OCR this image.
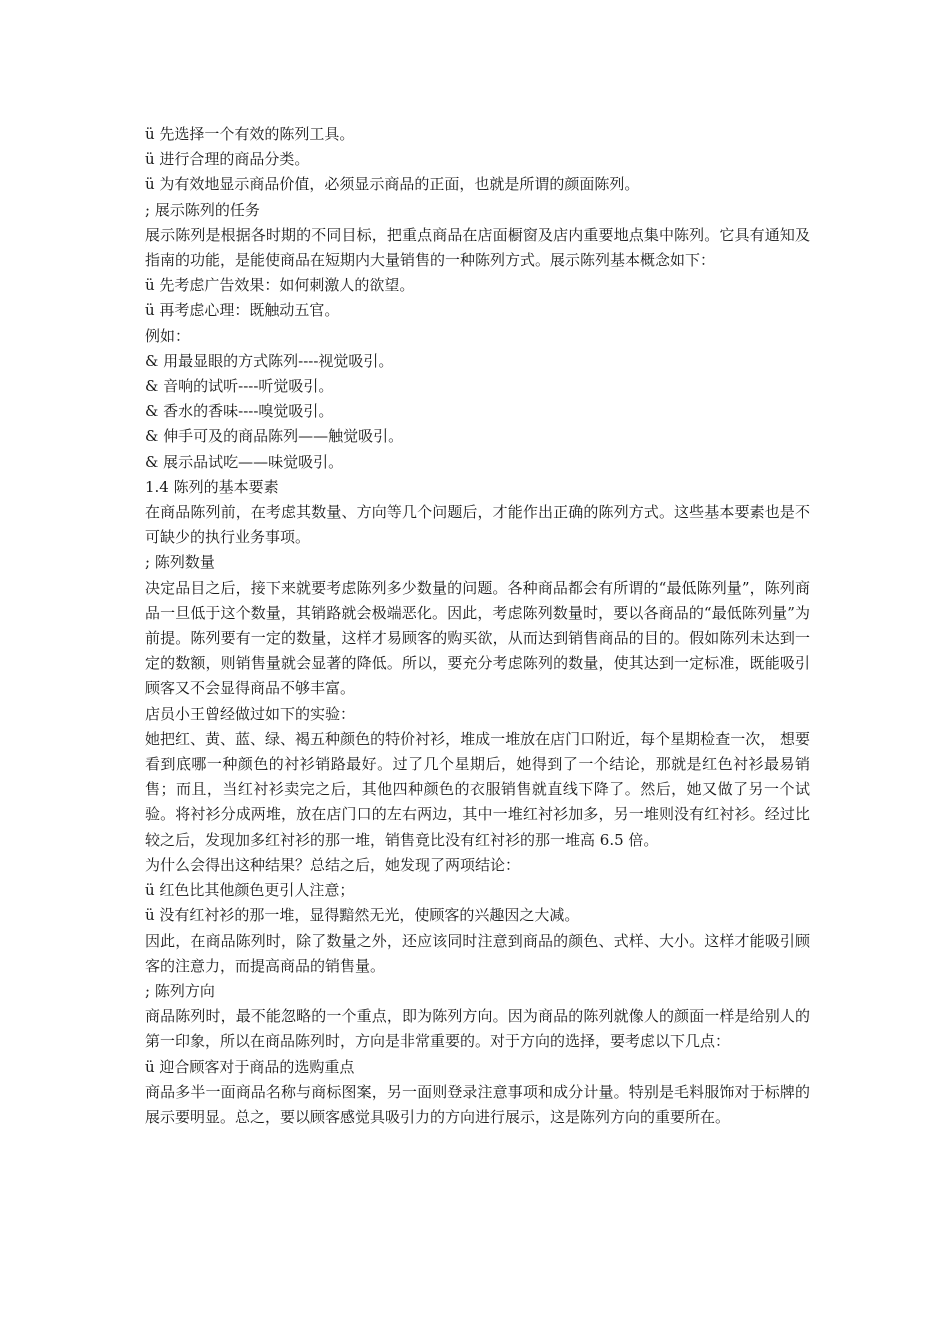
ü 先选择一个有效的陈列工具。

ü 进行合理的商品分类。

ü 为有效地显示商品价值，必须显示商品的正面，也就是所谓的颜面陈列。

; 展示陈列的任务

展示陈列是根据各时期的不同目标，把重点商品在店面橱窗及店内重要地点集中陈列。它具有通知及指南的功能，是能使商品在短期内大量销售的一种陈列方式。展示陈列基本概念如下：

ü 先考虑广告效果：如何刺激人的欲望。

ü 再考虑心理：既触动五官。

例如：

& 用最显眼的方式陈列----视觉吸引。

& 音响的试听----听觉吸引。

& 香水的香味----嗅觉吸引。

& 伸手可及的商品陈列——触觉吸引。

& 展示品试吃——味觉吸引。

1.4 陈列的基本要素

在商品陈列前，在考虑其数量、方向等几个问题后，才能作出正确的陈列方式。这些基本要素也是不可缺少的执行业务事项。

; 陈列数量

决定品目之后，接下来就要考虑陈列多少数量的问题。各种商品都会有所谓的“最低陈列量”，陈列商品一旦低于这个数量，其销路就会极端恶化。因此，考虑陈列数量时，要以各商品的“最低陈列量”为前提。陈列要有一定的数量，这样才易顾客的购买欲，从而达到销售商品的目的。假如陈列未达到一定的数额，则销售量就会显著的降低。所以，要充分考虑陈列的数量，使其达到一定标准，既能吸引顾客又不会显得商品不够丰富。

店员小王曾经做过如下的实验：

她把红、黄、蓝、绿、褐五种颜色的特价衬衫，堆成一堆放在店门口附近，每个星期检查一次， 想要看到底哪一种颜色的衬衫销路最好。过了几个星期后，她得到了一个结论，那就是红色衬衫最易销售；而且，当红衬衫卖完之后，其他四种颜色的衣服销售就直线下降了。然后，她又做了另一个试验。将衬衫分成两堆，放在店门口的左右两边，其中一堆红衬衫加多，另一堆则没有红衬衫。经过比较之后，发现加多红衬衫的那一堆，销售竟比没有红衬衫的那一堆高 6.5 倍。

为什么会得出这种结果？总结之后，她发现了两项结论：

ü 红色比其他颜色更引人注意；

ü 没有红衬衫的那一堆，显得黯然无光，使顾客的兴趣因之大减。

因此，在商品陈列时，除了数量之外，还应该同时注意到商品的颜色、式样、大小。这样才能吸引顾客的注意力，而提高商品的销售量。

; 陈列方向

商品陈列时，最不能忽略的一个重点，即为陈列方向。因为商品的陈列就像人的颜面一样是给别人的第一印象，所以在商品陈列时，方向是非常重要的。对于方向的选择，要考虑以下几点：

ü 迎合顾客对于商品的选购重点

商品多半一面商品名称与商标图案，另一面则登录注意事项和成分计量。特别是毛料服饰对于标牌的展示要明显。总之，要以顾客感觉具吸引力的方向进行展示，这是陈列方向的重要所在。
